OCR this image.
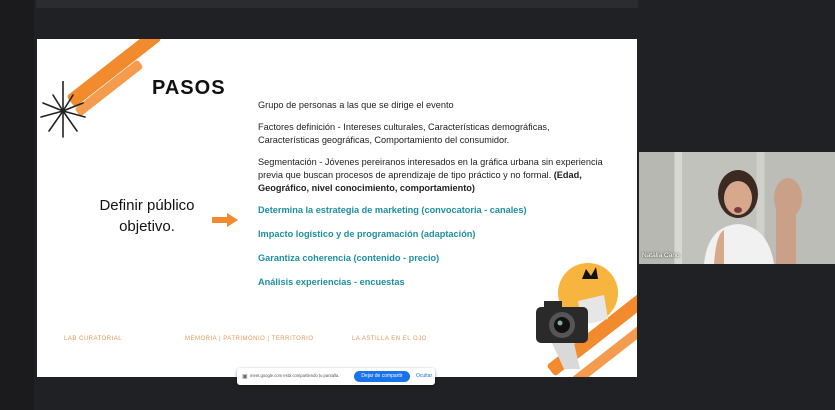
PASOS
Definir público
objetivo.

Grupo de personas a las que se dirige el evento

Factores definición - Intereses culturales, Características demográficas, Características geográficas, Comportamiento del consumidor.

Segmentación - Jóvenes pereiranos interesados en la gráfica urbana sin experiencia previa que buscan procesos de aprendizaje de tipo práctico y no formal. (Edad, Geográfico, nivel conocimiento, comportamiento)

Determina la estrategia de marketing (convocatoria - canales)

Impacto logístico y de programación (adaptación)

Garantiza coherencia (contenido - precio)

Análisis experiencias - encuestas

LAB CURATORIAL	MEMORIA | PATRIMONIO | TERRITORIO	LA ASTILLA EN EL OJO
▣ meet.google.com está compartiendo tu pantalla.	Dejar de compartir	Ocultar
Natalia Cano
